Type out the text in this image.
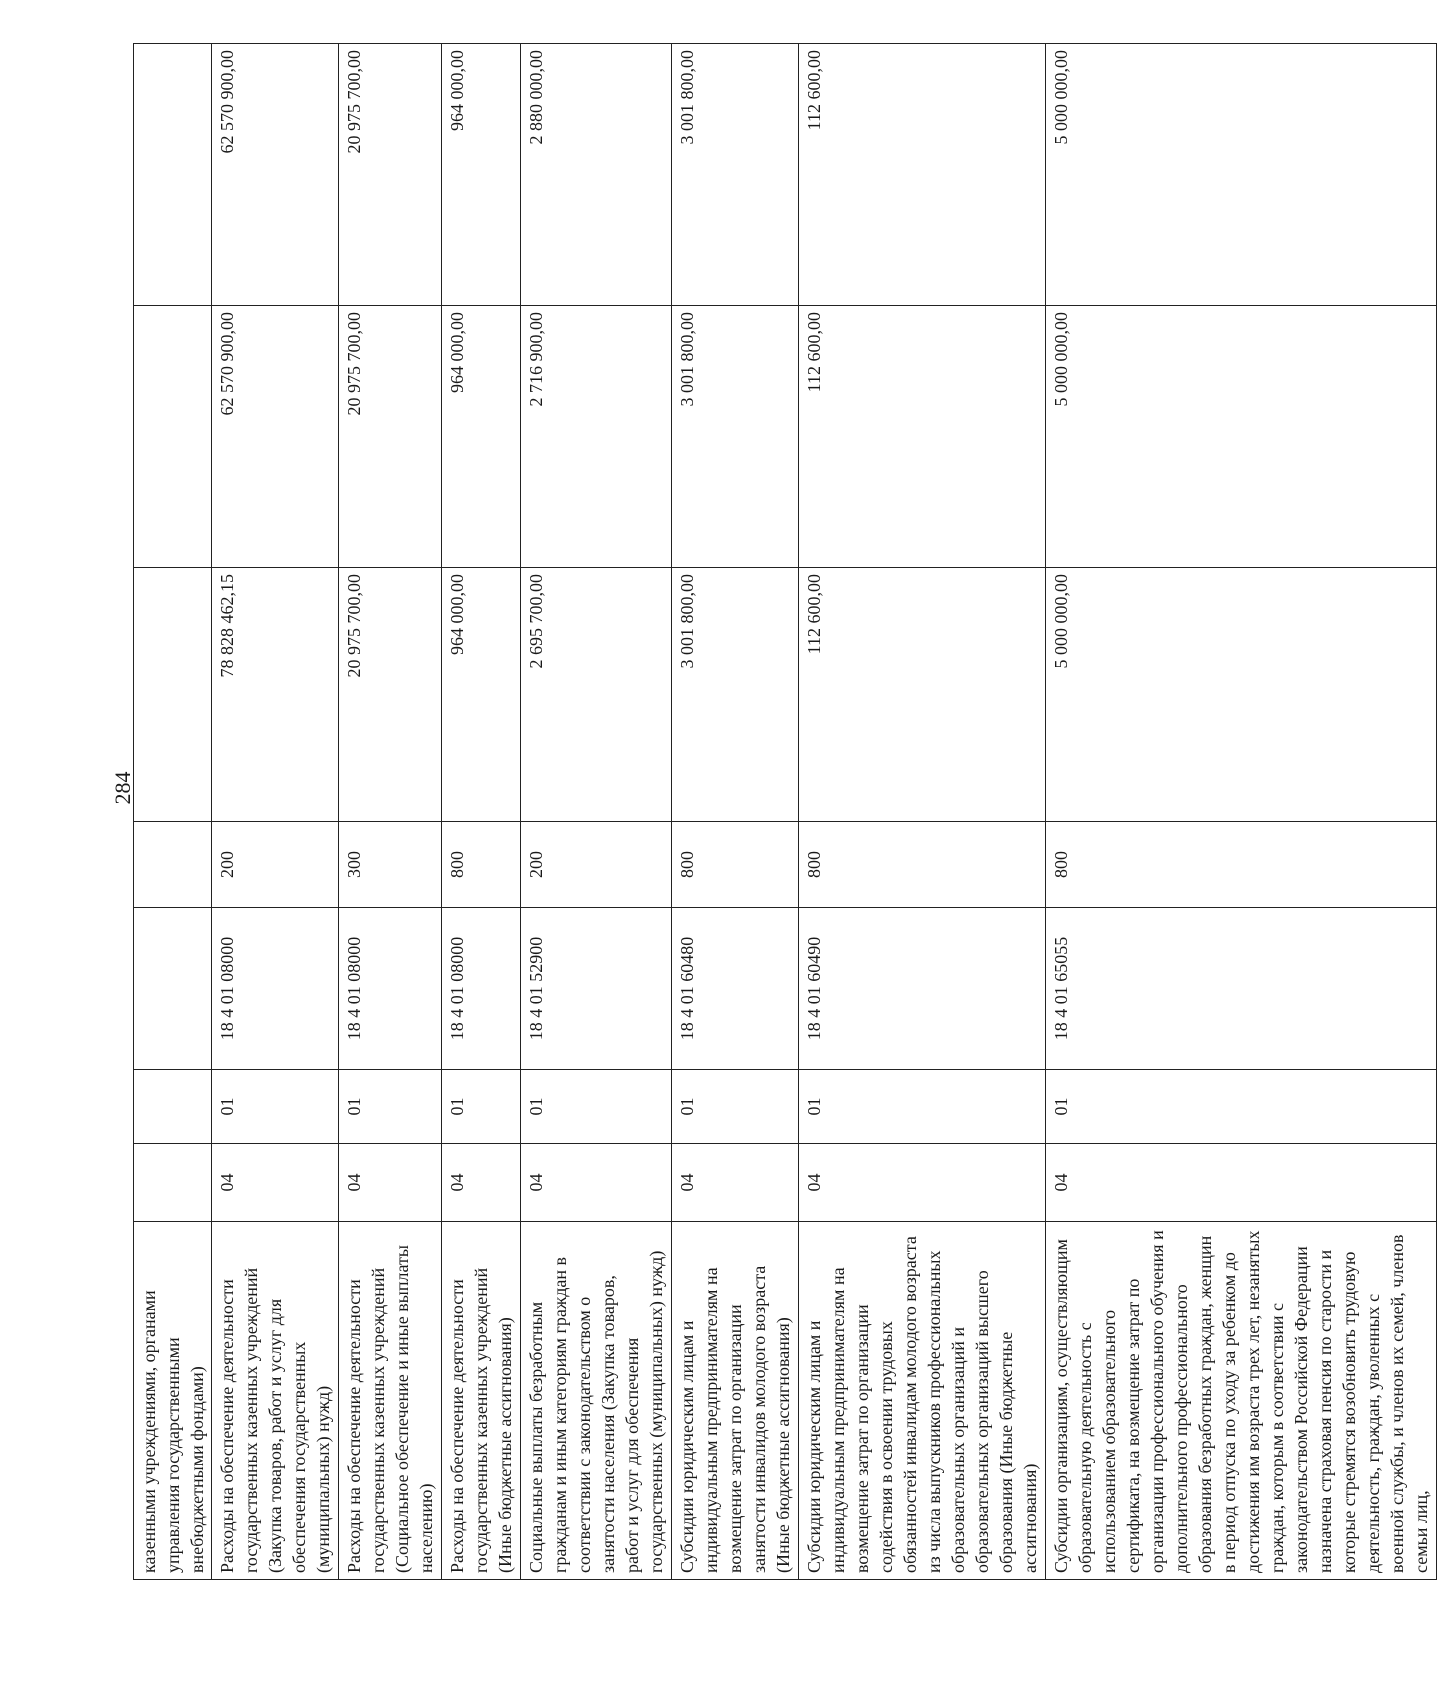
284
казенными учреждениями, органами управления государственными внебюджетными фондами)							
Расходы на обеспечение деятельности государственных казенных учреждений (Закупка товаров, работ и услуг для обеспечения государственных (муниципальных) нужд)	04	01	18 4 01 08000	200	78 828 462,15	62 570 900,00	62 570 900,00
Расходы на обеспечение деятельности государственных казенных учреждений (Социальное обеспечение и иные выплаты населению)	04	01	18 4 01 08000	300	20 975 700,00	20 975 700,00	20 975 700,00
Расходы на обеспечение деятельности государственных казенных учреждений (Иные бюджетные ассигнования)	04	01	18 4 01 08000	800	964 000,00	964 000,00	964 000,00
Социальные выплаты безработным гражданам и иным категориям граждан в соответствии с законодательством о занятости населения (Закупка товаров, работ и услуг для обеспечения государственных (муниципальных) нужд)	04	01	18 4 01 52900	200	2 695 700,00	2 716 900,00	2 880 000,00
Субсидии юридическим лицам и индивидуальным предпринимателям на возмещение затрат по организации занятости инвалидов молодого возраста (Иные бюджетные ассигнования)	04	01	18 4 01 60480	800	3 001 800,00	3 001 800,00	3 001 800,00
Субсидии юридическим лицам и индивидуальным предпринимателям на возмещение затрат по организации содействия в освоении трудовых обязанностей инвалидам молодого возраста из числа выпускников профессиональных образовательных организаций и образовательных организаций высшего образования (Иные бюджетные ассигнования)	04	01	18 4 01 60490	800	112 600,00	112 600,00	112 600,00
Субсидии организациям, осуществляющим образовательную деятельность с использованием образовательного сертификата, на возмещение затрат по организации профессионального обучения и дополнительного профессионального образования безработных граждан, женщин в период отпуска по уходу за ребенком до достижения им возраста трех лет, незанятых граждан, которым в соответствии с законодательством Российской Федерации назначена страховая пенсия по старости и которые стремятся возобновить трудовую деятельность, граждан, уволенных с военной службы, и членов их семей, членов семьи лиц,	04	01	18 4 01 65055	800	5 000 000,00	5 000 000,00	5 000 000,00
